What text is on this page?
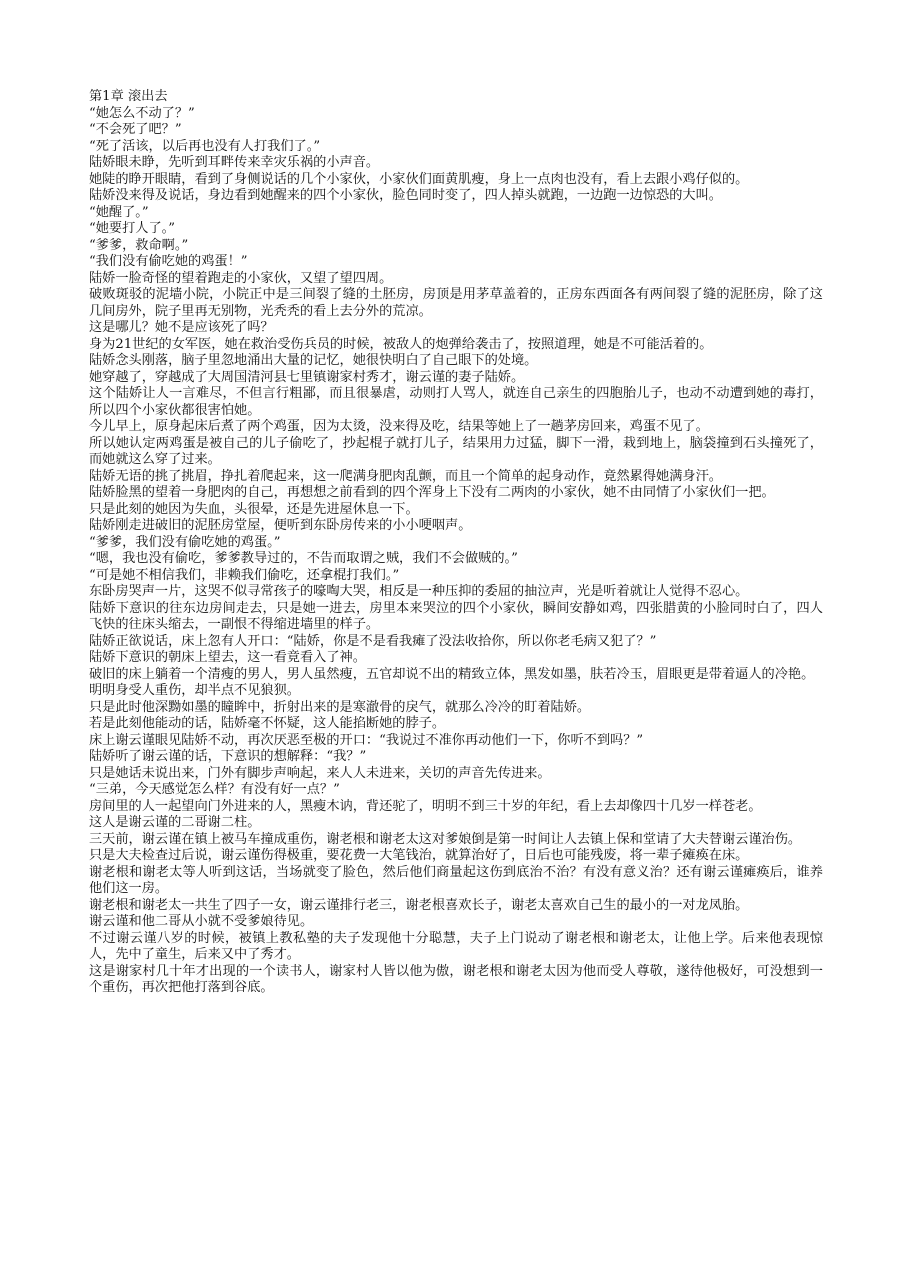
第1章 滚出去

“她怎么不动了？”

“不会死了吧？”

“死了活该，以后再也没有人打我们了。”

陆娇眼未睁，先听到耳畔传来幸灾乐祸的小声音。

她陡的睁开眼睛，看到了身侧说话的几个小家伙，小家伙们面黄肌瘦，身上一点肉也没有，看上去跟小鸡仔似的。

陆娇没来得及说话，身边看到她醒来的四个小家伙，脸色同时变了，四人掉头就跑，一边跑一边惊恐的大叫。

“她醒了。”

“她要打人了。”

“爹爹，救命啊。”

“我们没有偷吃她的鸡蛋！”

陆娇一脸奇怪的望着跑走的小家伙，又望了望四周。

破败斑驳的泥墙小院，小院正中是三间裂了缝的土胚房，房顶是用茅草盖着的，正房东西面各有两间裂了缝的泥胚房，除了这几间房外，院子里再无别物，光秃秃的看上去分外的荒凉。

这是哪儿？她不是应该死了吗？

身为21世纪的女军医，她在救治受伤兵员的时候，被敌人的炮弹给袭击了，按照道理，她是不可能活着的。

陆娇念头刚落，脑子里忽地涌出大量的记忆，她很快明白了自己眼下的处境。

她穿越了，穿越成了大周国清河县七里镇谢家村秀才，谢云谨的妻子陆娇。

这个陆娇让人一言难尽，不但言行粗鄙，而且很暴虐，动则打人骂人，就连自己亲生的四胞胎儿子，也动不动遭到她的毒打，所以四个小家伙都很害怕她。

今儿早上，原身起床后煮了两个鸡蛋，因为太烫，没来得及吃，结果等她上了一趟茅房回来，鸡蛋不见了。

所以她认定两鸡蛋是被自己的儿子偷吃了，抄起棍子就打儿子，结果用力过猛，脚下一滑，栽到地上，脑袋撞到石头撞死了，而她就这么穿了过来。

陆娇无语的挑了挑眉，挣扎着爬起来，这一爬满身肥肉乱颤，而且一个简单的起身动作，竟然累得她满身汗。

陆娇脸黑的望着一身肥肉的自己，再想想之前看到的四个浑身上下没有二两肉的小家伙，她不由同情了小家伙们一把。

只是此刻的她因为失血，头很晕，还是先进屋休息一下。

陆娇刚走进破旧的泥胚房堂屋，便听到东卧房传来的小小哽咽声。

“爹爹，我们没有偷吃她的鸡蛋。”

“嗯，我也没有偷吃，爹爹教导过的，不告而取谓之贼，我们不会做贼的。”

“可是她不相信我们，非赖我们偷吃，还拿棍打我们。”

东卧房哭声一片，这哭不似寻常孩子的嚎啕大哭，相反是一种压抑的委屈的抽泣声，光是听着就让人觉得不忍心。

陆娇下意识的往东边房间走去，只是她一进去，房里本来哭泣的四个小家伙，瞬间安静如鸡，四张腊黄的小脸同时白了，四人飞快的往床头缩去，一副恨不得缩进墙里的样子。

陆娇正欲说话，床上忽有人开口：“陆娇，你是不是看我瘫了没法收拾你，所以你老毛病又犯了？”

陆娇下意识的朝床上望去，这一看竟看入了神。

破旧的床上躺着一个清瘦的男人，男人虽然瘦，五官却说不出的精致立体，黑发如墨，肤若冷玉，眉眼更是带着逼人的冷艳。

明明身受人重伤，却半点不见狼狈。

只是此时他深黝如墨的瞳眸中，折射出来的是寒澈骨的戾气，就那么冷冷的盯着陆娇。

若是此刻他能动的话，陆娇毫不怀疑，这人能掐断她的脖子。

床上谢云谨眼见陆娇不动，再次厌恶至极的开口：“我说过不准你再动他们一下，你听不到吗？”

陆娇听了谢云谨的话，下意识的想解释：“我？”

只是她话未说出来，门外有脚步声响起，来人人未进来，关切的声音先传进来。

“三弟，今天感觉怎么样？有没有好一点？”

房间里的人一起望向门外进来的人，黑瘦木讷，背还驼了，明明不到三十岁的年纪，看上去却像四十几岁一样苍老。

这人是谢云谨的二哥谢二柱。

三天前，谢云谨在镇上被马车撞成重伤，谢老根和谢老太这对爹娘倒是第一时间让人去镇上保和堂请了大夫替谢云谨治伤。

只是大夫检查过后说，谢云谨伤得极重，要花费一大笔钱治，就算治好了，日后也可能残废，将一辈子瘫痪在床。

谢老根和谢老太等人听到这话，当场就变了脸色，然后他们商量起这伤到底治不治？有没有意义治？还有谢云谨瘫痪后，谁养他们这一房。

谢老根和谢老太一共生了四子一女，谢云谨排行老三，谢老根喜欢长子，谢老太喜欢自己生的最小的一对龙凤胎。

谢云谨和他二哥从小就不受爹娘待见。

不过谢云谨八岁的时候，被镇上教私塾的夫子发现他十分聪慧，夫子上门说动了谢老根和谢老太，让他上学。后来他表现惊人，先中了童生，后来又中了秀才。

这是谢家村几十年才出现的一个读书人，谢家村人皆以他为傲，谢老根和谢老太因为他而受人尊敬，遂待他极好，可没想到一个重伤，再次把他打落到谷底。
